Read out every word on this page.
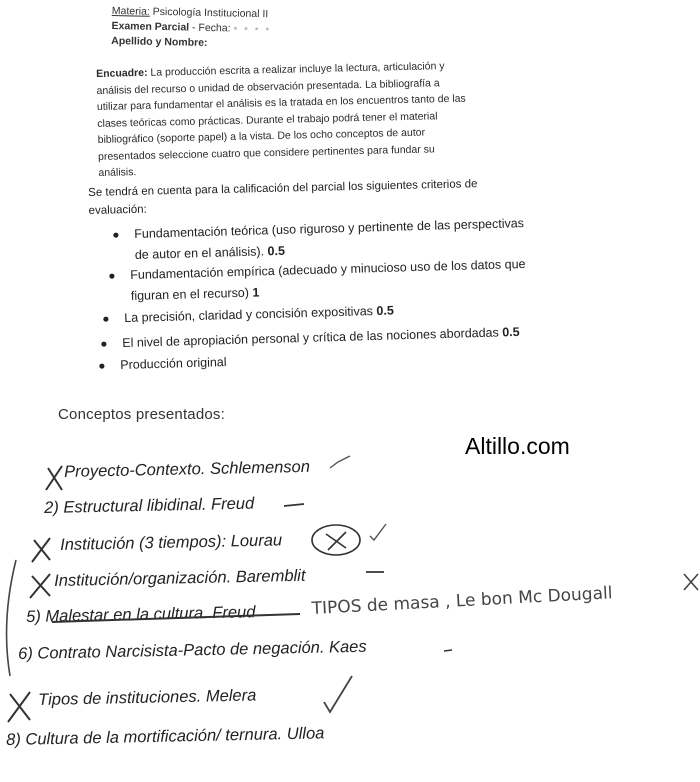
Materia: Psicología Institucional II
Examen Parcial - Fecha: ▪ ▪ ▪ ▪
Apellido y Nombre:
Encuadre: La producción escrita a realizar incluye la lectura, articulación y
análisis del recurso o unidad de observación presentada. La bibliografía a
utilizar para fundamentar el análisis es la tratada en los encuentros tanto de las
clases teóricas como prácticas. Durante el trabajo podrá tener el material
bibliográfico (soporte papel) a la vista. De los ocho conceptos de autor
presentados seleccione cuatro que considere pertinentes para fundar su
análisis.
Se tendrá en cuenta para la calificación del parcial los siguientes criterios de
evaluación:
● Fundamentación teórica (uso riguroso y pertinente de las perspectivas
de autor en el análisis). 0.5
● Fundamentación empírica (adecuado y minucioso uso de los datos que
figuran en el recurso) 1
● La precisión, claridad y concisión expositivas 0.5
● El nivel de apropiación personal y crítica de las nociones abordadas 0.5
● Producción original
Conceptos presentados:
Altillo.com
Proyecto-Contexto. Schlemenson
2) Estructural libidinal. Freud
Institución (3 tiempos): Lourau
Institución/organización. Baremblit
5) Malestar en la cultura. Freud
6) Contrato Narcisista-Pacto de negación. Kaes
Tipos de instituciones. Melera
8) Cultura de la mortificación/ ternura. Ulloa
TIPOS de masa , Le bon Mc Dougall
